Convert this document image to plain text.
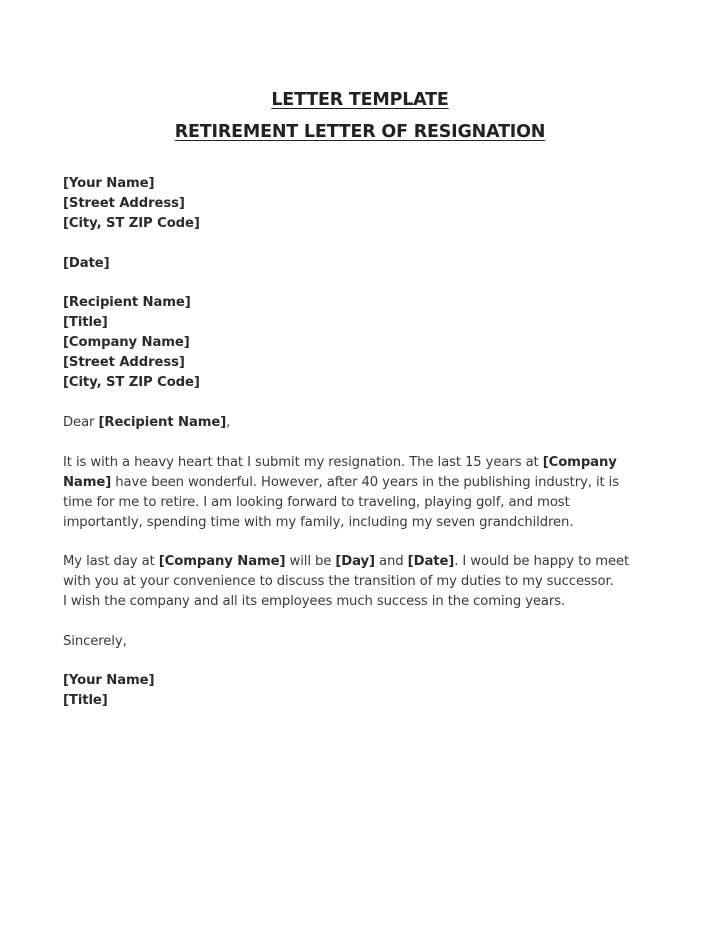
LETTER TEMPLATE
RETIREMENT LETTER OF RESIGNATION
[Your Name]
[Street Address]
[City, ST ZIP Code]
[Date]
[Recipient Name]
[Title]
[Company Name]
[Street Address]
[City, ST ZIP Code]
Dear [Recipient Name],
It is with a heavy heart that I submit my resignation. The last 15 years at [Company
Name] have been wonderful. However, after 40 years in the publishing industry, it is
time for me to retire. I am looking forward to traveling, playing golf, and most
importantly, spending time with my family, including my seven grandchildren.
My last day at [Company Name] will be [Day] and [Date]. I would be happy to meet
with you at your convenience to discuss the transition of my duties to my successor.
I wish the company and all its employees much success in the coming years.
Sincerely,
[Your Name]
[Title]
